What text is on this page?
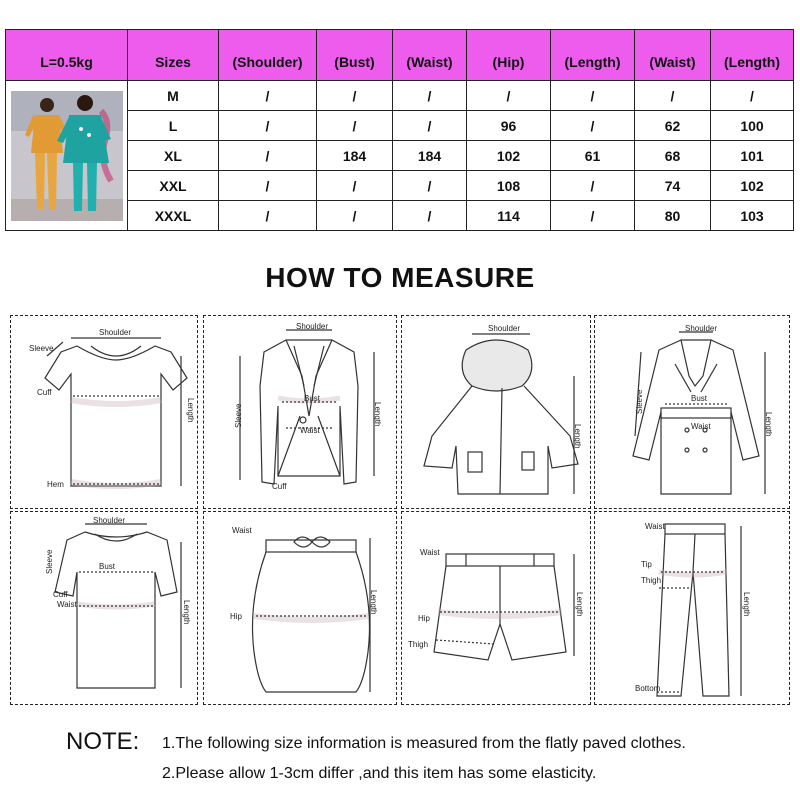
L=0.5kg	Sizes	(Shoulder)	(Bust)	(Waist)	(Hip)	(Length)	(Waist)	(Length)

	M	/	/	/	/	/	/	/
	L	/	/	/	96	/	62	100
	XL	/	184	184	102	61	68	101
	XXL	/	/	/	108	/	74	102
	XXXL	/	/	/	114	/	80	103
HOW TO MEASURE
Shoulder
Sleeve
Cuff
Hem
Length
Shoulder
Bust
Waist
Cuff
Sleeve	Length
Shoulder
Length
Shoulder
Bust
Waist
Sleeve
Length
Shoulder
Sleeve	Bust
Cuff
Waist	Length
Waist
Hip
Length
Waist
Hip
Thigh
Length
Waist
Tip
Thigh
Bottom
Length
NOTE: 1.The following size information is measured from the flatly paved clothes.
2.Please allow 1-3cm differ ,and this item has some elasticity.
